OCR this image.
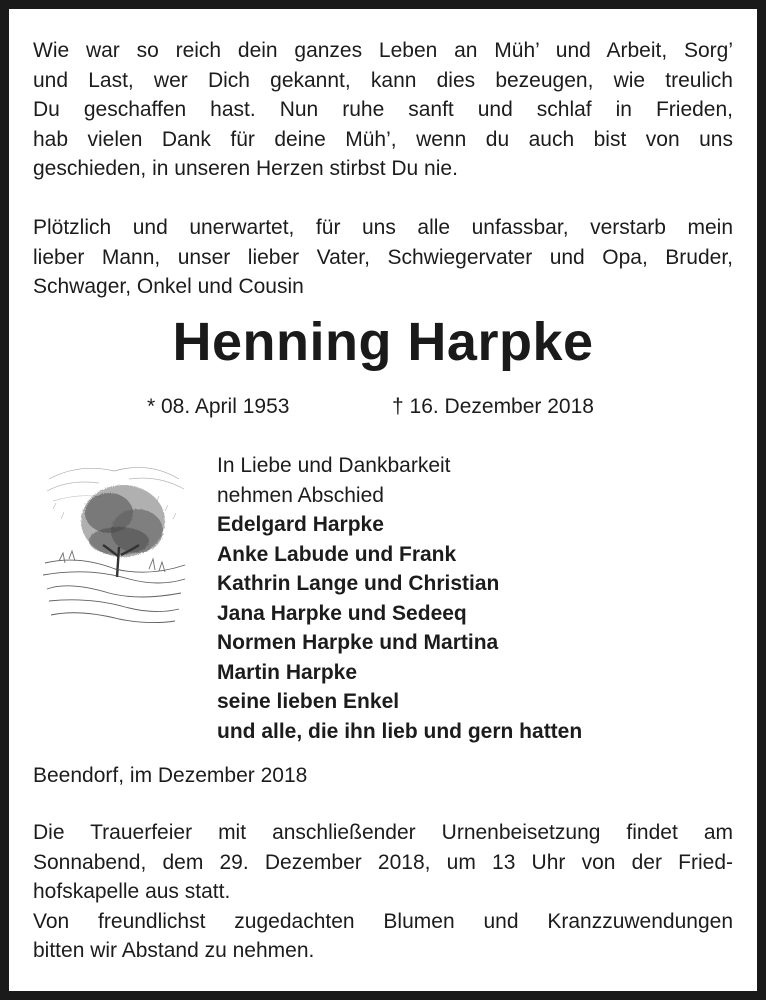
Wie war so reich dein ganzes Leben an Müh’ und Arbeit, Sorg’
und Last, wer Dich gekannt, kann dies bezeugen, wie treulich
Du geschaffen hast. Nun ruhe sanft und schlaf in Frieden,
hab vielen Dank für deine Müh’, wenn du auch bist von uns
geschieden, in unseren Herzen stirbst Du nie.
Plötzlich und unerwartet, für uns alle unfassbar, verstarb mein
lieber Mann, unser lieber Vater, Schwiegervater und Opa, Bruder,
Schwager, Onkel und Cousin
Henning Harpke
* 08. April 1953	† 16. Dezember 2018
In Liebe und Dankbarkeit
nehmen Abschied
Edelgard Harpke
Anke Labude und Frank
Kathrin Lange und Christian
Jana Harpke und Sedeeq
Normen Harpke und Martina
Martin Harpke
seine lieben Enkel
und alle, die ihn lieb und gern hatten
Beendorf, im Dezember 2018
Die Trauerfeier mit anschließender Urnenbeisetzung findet am
Sonnabend, dem 29. Dezember 2018, um 13 Uhr von der Fried-
hofskapelle aus statt.
Von freundlichst zugedachten Blumen und Kranzzuwendungen
bitten wir Abstand zu nehmen.
